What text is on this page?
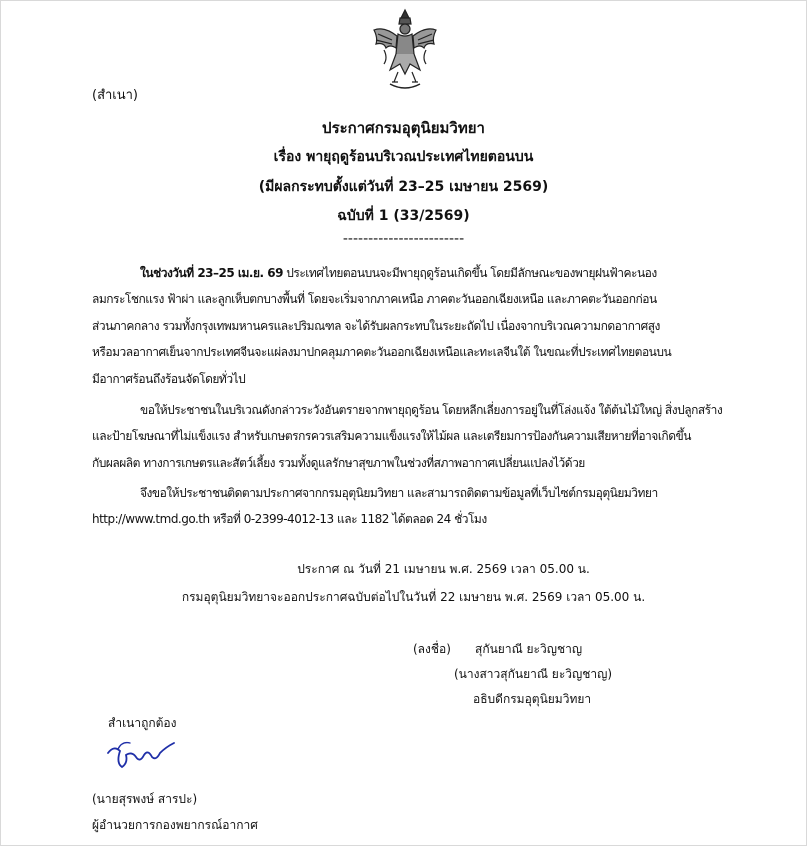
(สำเนา)
ประกาศกรมอุตุนิยมวิทยา
เรื่อง พายุฤดูร้อนบริเวณประเทศไทยตอนบน
(มีผลกระทบตั้งแต่วันที่ 23–25 เมษายน 2569)
ฉบับที่ 1 (33/2569)
------------------------
ในช่วงวันที่ 23–25 เม.ย. 69 ประเทศไทยตอนบนจะมีพายุฤดูร้อนเกิดขึ้น โดยมีลักษณะของพายุฝนฟ้าคะนอง
ลมกระโชกแรง ฟ้าผ่า และลูกเห็บตกบางพื้นที่ โดยจะเริ่มจากภาคเหนือ ภาคตะวันออกเฉียงเหนือ และภาคตะวันออกก่อน
ส่วนภาคกลาง รวมทั้งกรุงเทพมหานครและปริมณฑล จะได้รับผลกระทบในระยะถัดไป เนื่องจากบริเวณความกดอากาศสูง
หรือมวลอากาศเย็นจากประเทศจีนจะแผ่ลงมาปกคลุมภาคตะวันออกเฉียงเหนือและทะเลจีนใต้ ในขณะที่ประเทศไทยตอนบน
มีอากาศร้อนถึงร้อนจัดโดยทั่วไป
ขอให้ประชาชนในบริเวณดังกล่าวระวังอันตรายจากพายุฤดูร้อน โดยหลีกเลี่ยงการอยู่ในที่โล่งแจ้ง ใต้ต้นไม้ใหญ่ สิ่งปลูกสร้าง
และป้ายโฆษณาที่ไม่แข็งแรง สำหรับเกษตรกรควรเสริมความแข็งแรงให้ไม้ผล และเตรียมการป้องกันความเสียหายที่อาจเกิดขึ้น
กับผลผลิต ทางการเกษตรและสัตว์เลี้ยง รวมทั้งดูแลรักษาสุขภาพในช่วงที่สภาพอากาศเปลี่ยนแปลงไว้ด้วย
จึงขอให้ประชาชนติดตามประกาศจากกรมอุตุนิยมวิทยา และสามารถติดตามข้อมูลที่เว็บไซต์กรมอุตุนิยมวิทยา
http://www.tmd.go.th หรือที่ 0-2399-4012-13 และ 1182 ได้ตลอด 24 ชั่วโมง
ประกาศ ณ วันที่ 21 เมษายน พ.ศ. 2569 เวลา 05.00 น.
กรมอุตุนิยมวิทยาจะออกประกาศฉบับต่อไปในวันที่ 22 เมษายน พ.ศ. 2569 เวลา 05.00 น.
(ลงชื่อ) สุกันยาณี ยะวิญชาญ
(นางสาวสุกันยาณี ยะวิญชาญ)
อธิบดีกรมอุตุนิยมวิทยา
สำเนาถูกต้อง
(นายสุรพงษ์ สารปะ)
ผู้อำนวยการกองพยากรณ์อากาศ
